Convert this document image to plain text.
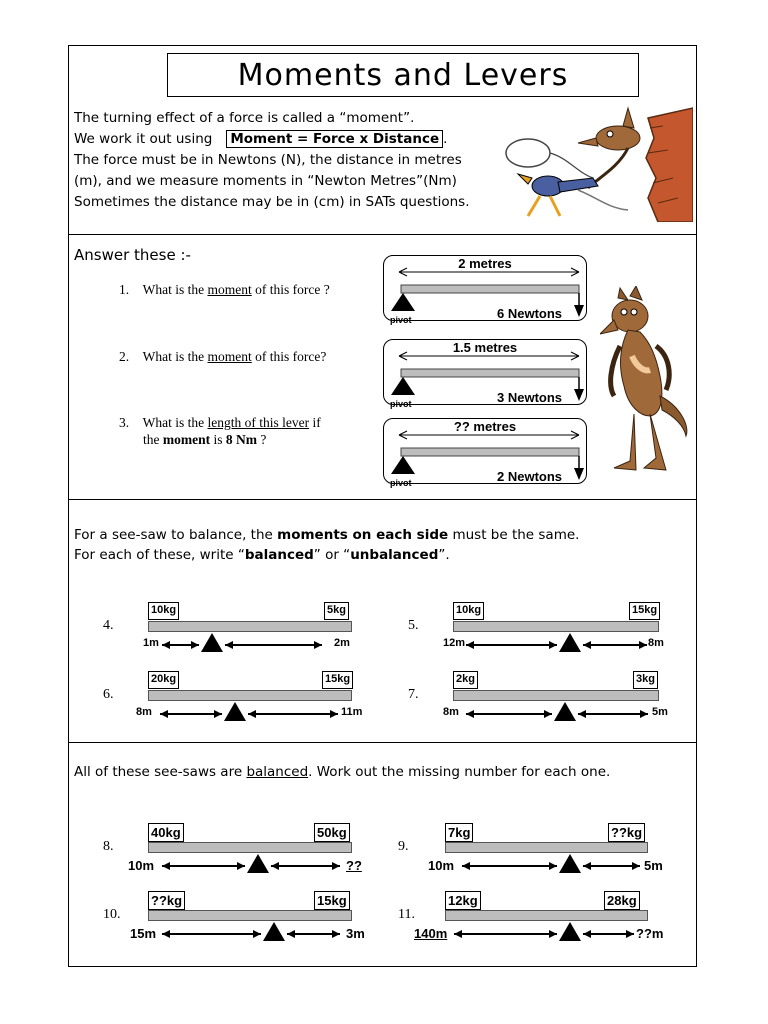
Moments and Levers
The turning effect of a force is called a “moment”.
We work it out using Moment = Force x Distance .
The force must be in Newtons (N), the distance in metres
(m), and we measure moments in “Newton Metres”(Nm)
Sometimes the distance may be in (cm) in SATs questions.
Answer these :-
1. What is the moment of this force ?
2. What is the moment of this force?
3. What is the length of this lever if
the moment is 8 Nm ?
2 metres
6 Newtons
pivot
1.5 metres
3 Newtons
pivot
?? metres
2 Newtons
pivot
For a see-saw to balance, the moments on each side must be the same.
For each of these, write “balanced” or “unbalanced”.
4.
10kg	5kg
1m	2m
5.
10kg	15kg
12m	8m
6.
20kg	15kg
8m	11m
7.
2kg	3kg
8m	5m
All of these see-saws are balanced. Work out the missing number for each one.
8.
40kg	50kg
10m	??
9.
7kg	??kg
10m	5m
10.
??kg	15kg
15m	3m
11.
12kg	28kg
140m	??m
